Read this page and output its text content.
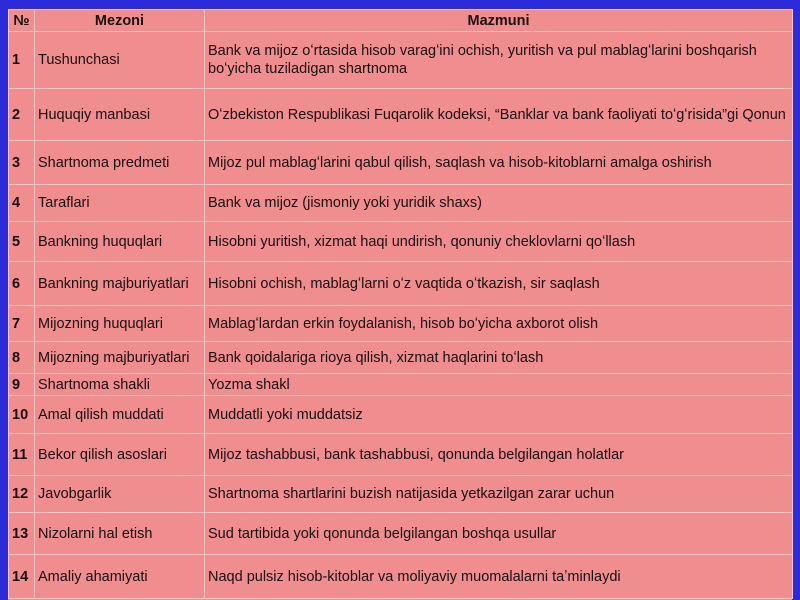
№	Mezoni	Mazmuni
1	Tushunchasi	Bank va mijoz oʻrtasida hisob varagʻini ochish, yuritish va pul mablagʻlarini boshqarish boʻyicha tuziladigan shartnoma
2	Huquqiy manbasi	Oʻzbekiston Respublikasi Fuqarolik kodeksi, “Banklar va bank faoliyati toʻgʻrisida”gi Qonun
3	Shartnoma predmeti	Mijoz pul mablagʻlarini qabul qilish, saqlash va hisob-kitoblarni amalga oshirish
4	Taraflari	Bank va mijoz (jismoniy yoki yuridik shaxs)
5	Bankning huquqlari	Hisobni yuritish, xizmat haqi undirish, qonuniy cheklovlarni qoʻllash
6	Bankning majburiyatlari	Hisobni ochish, mablagʻlarni oʻz vaqtida oʻtkazish, sir saqlash
7	Mijozning huquqlari	Mablagʻlardan erkin foydalanish, hisob boʻyicha axborot olish
8	Mijozning majburiyatlari	Bank qoidalariga rioya qilish, xizmat haqlarini toʻlash
9	Shartnoma shakli	Yozma shakl
10	Amal qilish muddati	Muddatli yoki muddatsiz
11	Bekor qilish asoslari	Mijoz tashabbusi, bank tashabbusi, qonunda belgilangan holatlar
12	Javobgarlik	Shartnoma shartlarini buzish natijasida yetkazilgan zarar uchun
13	Nizolarni hal etish	Sud tartibida yoki qonunda belgilangan boshqa usullar
14	Amaliy ahamiyati	Naqd pulsiz hisob-kitoblar va moliyaviy muomalalarni taʼminlaydi
